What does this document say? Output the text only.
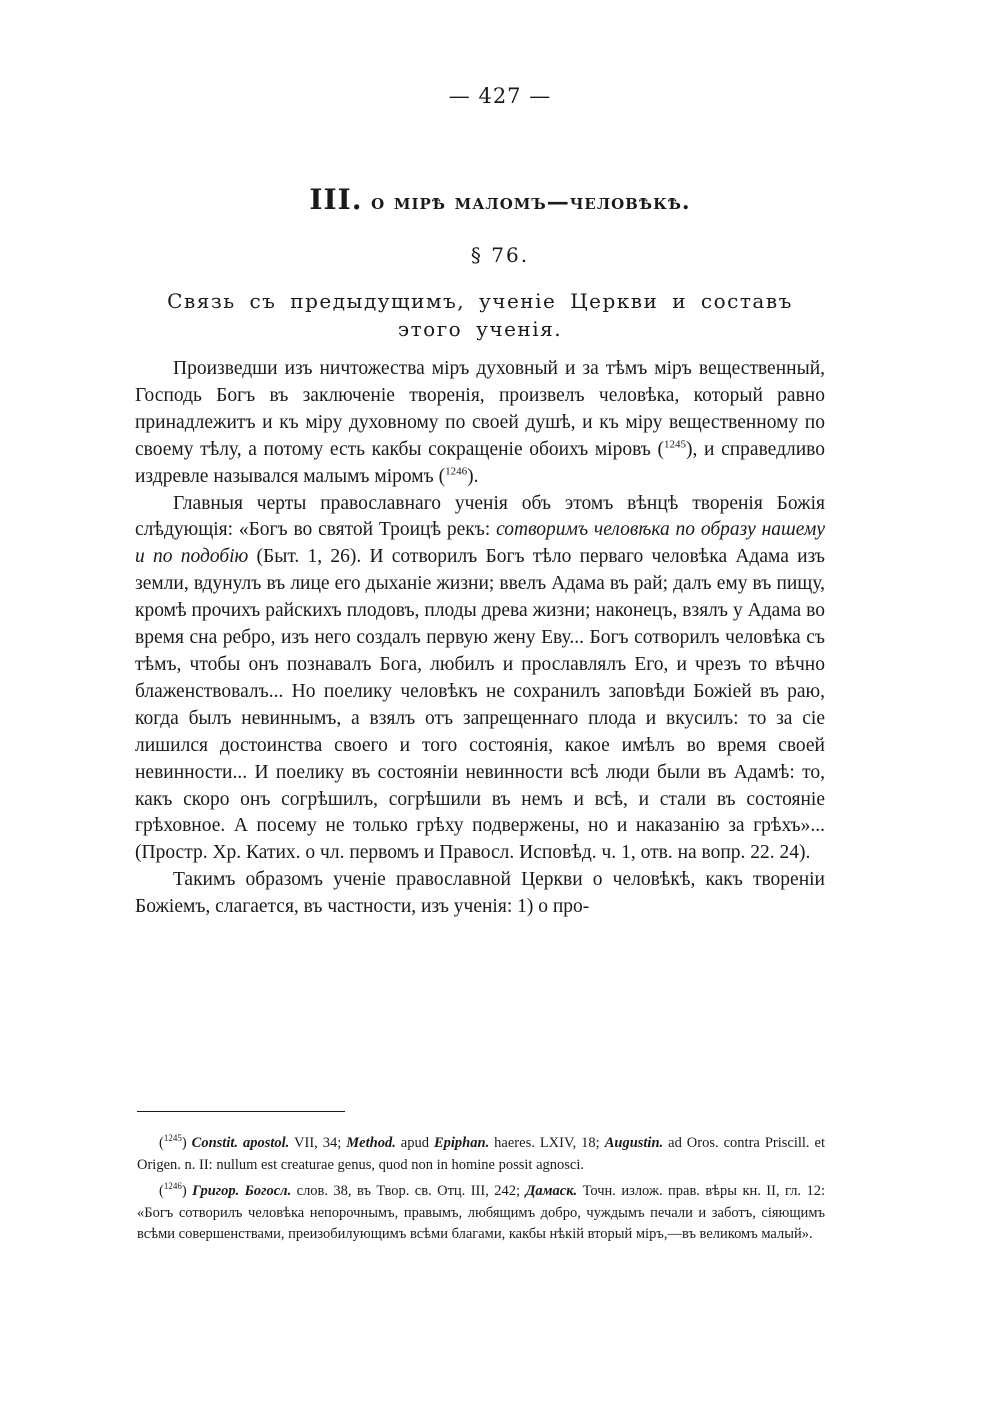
— 427 —
III. о мірѣ маломъ—человѣкѣ.
§ 76.
Связь съ предыдущимъ, ученіе Церкви и составъ этого ученія.

Произведши изъ ничтожества міръ духовный и за тѣмъ міръ вещественный, Господь Богъ въ заключеніе творенія, произвелъ человѣка, который равно принадлежитъ и къ міру духовному по своей душѣ, и къ міру вещественному по своему тѣлу, а потому есть какбы сокращеніе обоихъ міровъ ($^{1245}$), и справедливо издревле назывался малымъ міромъ ($^{1246}$).

Главныя черты православнаго ученія объ этомъ вѣнцѣ творенія Божія слѣдующія: «Богъ во святой Троицѣ рекъ: сотворимъ человѣка по образу нашему и по подобію (Быт. 1, 26). И сотворилъ Богъ тѣло перваго человѣка Адама изъ земли, вдунулъ въ лице его дыханіе жизни; ввелъ Адама въ рай; далъ ему въ пищу, кромѣ прочихъ райскихъ плодовъ, плоды древа жизни; наконецъ, взялъ у Адама во время сна ребро, изъ него создалъ первую жену Еву... Богъ сотворилъ человѣка съ тѣмъ, чтобы онъ познавалъ Бога, любилъ и прославлялъ Его, и чрезъ то вѣчно блаженствовалъ... Но поелику человѣкъ не сохранилъ заповѣди Божіей въ раю, когда былъ невиннымъ, а взялъ отъ запрещеннаго плода и вкусилъ: то за сіе лишился достоинства своего и того состоянія, какое имѣлъ во время своей невинности... И поелику въ состояніи невинности всѣ люди были въ Адамѣ: то, какъ скоро онъ согрѣшилъ, согрѣшили въ немъ и всѣ, и стали въ состояніе грѣховное. А посему не только грѣху подвержены, но и наказанію за грѣхъ»... (Простр. Хр. Катих. о чл. первомъ и Правосл. Исповѣд. ч. 1, отв. на вопр. 22. 24).

Такимъ образомъ ученіе православной Церкви о человѣкѣ, какъ твореніи Божіемъ, слагается, въ частности, изъ ученія: 1) о про-

($^{1245}$) Constit. apostol. VII, 34; Method. apud Epiphan. haeres. LXIV, 18; Augustin. ad Oros. contra Priscill. et Origen. n. II: nullum est creaturae genus, quod non in homine possit agnosci.

($^{1246}$) Григор. Богосл. слов. 38, въ Твор. св. Отц. III, 242; Дамаск. Точн. излож. прав. вѣры кн. II, гл. 12: «Богъ сотворилъ человѣка непорочнымъ, правымъ, любящимъ добро, чуждымъ печали и заботъ, сіяющимъ всѣми совершенствами, преизобилующимъ всѣми благами, какбы нѣкій вторый міръ,—въ великомъ малый».
